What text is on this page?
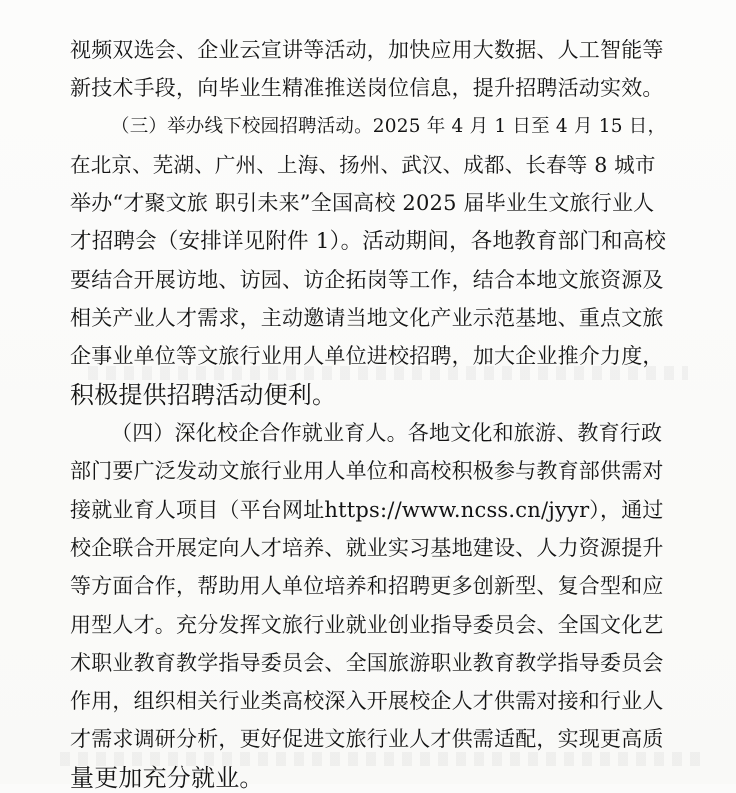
视频双选会、企业云宣讲等活动，加快应用大数据、人工智能等
新技术手段，向毕业生精准推送岗位信息，提升招聘活动实效。
（三）举办线下校园招聘活动。2025 年 4 月 1 日至 4 月 15 日，
在北京、芜湖、广州、上海、扬州、武汉、成都、长春等 8 城市
举办“才聚文旅 职引未来”全国高校 2025 届毕业生文旅行业人
才招聘会（安排详见附件 1）。活动期间，各地教育部门和高校
要结合开展访地、访园、访企拓岗等工作，结合本地文旅资源及
相关产业人才需求，主动邀请当地文化产业示范基地、重点文旅
企事业单位等文旅行业用人单位进校招聘，加大企业推介力度，
积极提供招聘活动便利。
（四）深化校企合作就业育人。各地文化和旅游、教育行政
部门要广泛发动文旅行业用人单位和高校积极参与教育部供需对
接就业育人项目（平台网址https://www.ncss.cn/jyyr），通过
校企联合开展定向人才培养、就业实习基地建设、人力资源提升
等方面合作，帮助用人单位培养和招聘更多创新型、复合型和应
用型人才。充分发挥文旅行业就业创业指导委员会、全国文化艺
术职业教育教学指导委员会、全国旅游职业教育教学指导委员会
作用，组织相关行业类高校深入开展校企人才供需对接和行业人
才需求调研分析，更好促进文旅行业人才供需适配，实现更高质
量更加充分就业。
